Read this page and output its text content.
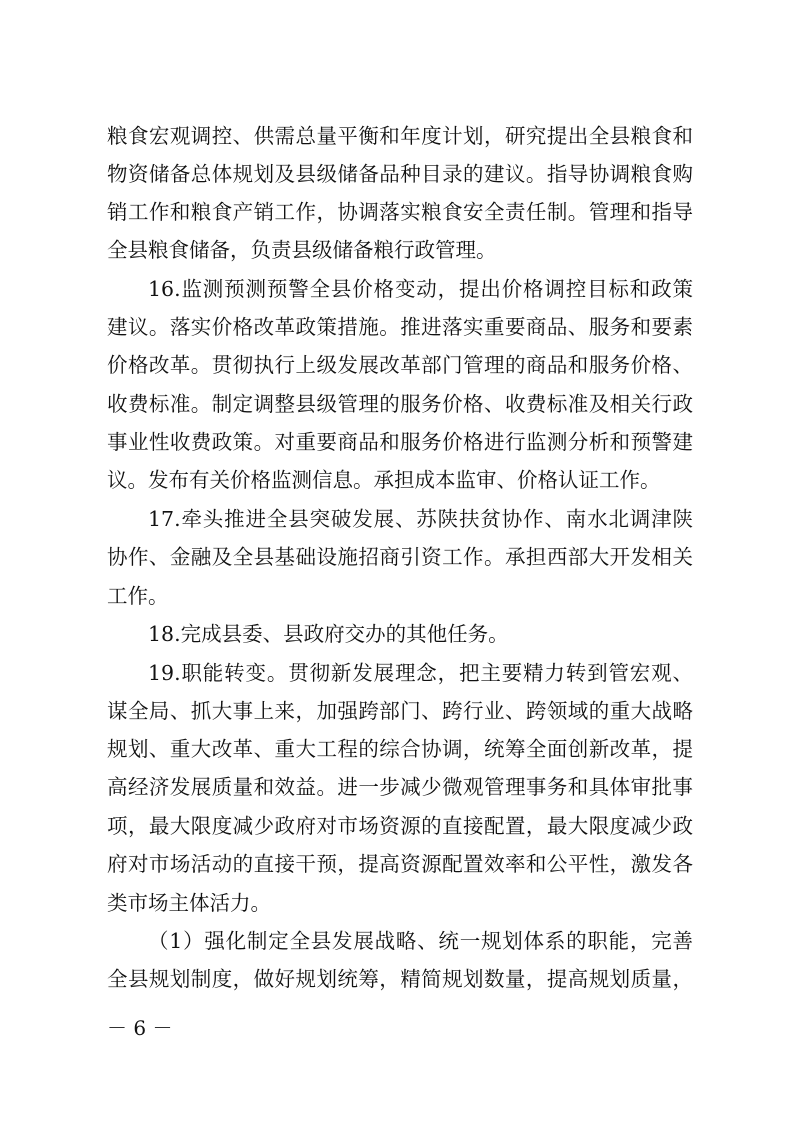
粮食宏观调控、供需总量平衡和年度计划，研究提出全县粮食和
物资储备总体规划及县级储备品种目录的建议。指导协调粮食购
销工作和粮食产销工作，协调落实粮食安全责任制。管理和指导
全县粮食储备，负责县级储备粮行政管理。
16.监测预测预警全县价格变动，提出价格调控目标和政策
建议。落实价格改革政策措施。推进落实重要商品、服务和要素
价格改革。贯彻执行上级发展改革部门管理的商品和服务价格、
收费标准。制定调整县级管理的服务价格、收费标准及相关行政
事业性收费政策。对重要商品和服务价格进行监测分析和预警建
议。发布有关价格监测信息。承担成本监审、价格认证工作。
17.牵头推进全县突破发展、苏陕扶贫协作、南水北调津陕
协作、金融及全县基础设施招商引资工作。承担西部大开发相关
工作。
18.完成县委、县政府交办的其他任务。
19.职能转变。贯彻新发展理念，把主要精力转到管宏观、
谋全局、抓大事上来，加强跨部门、跨行业、跨领域的重大战略
规划、重大改革、重大工程的综合协调，统筹全面创新改革，提
高经济发展质量和效益。进一步减少微观管理事务和具体审批事
项，最大限度减少政府对市场资源的直接配置，最大限度减少政
府对市场活动的直接干预，提高资源配置效率和公平性，激发各
类市场主体活力。
（1）强化制定全县发展战略、统一规划体系的职能，完善
全县规划制度，做好规划统筹，精简规划数量，提高规划质量，
－ 6 －
